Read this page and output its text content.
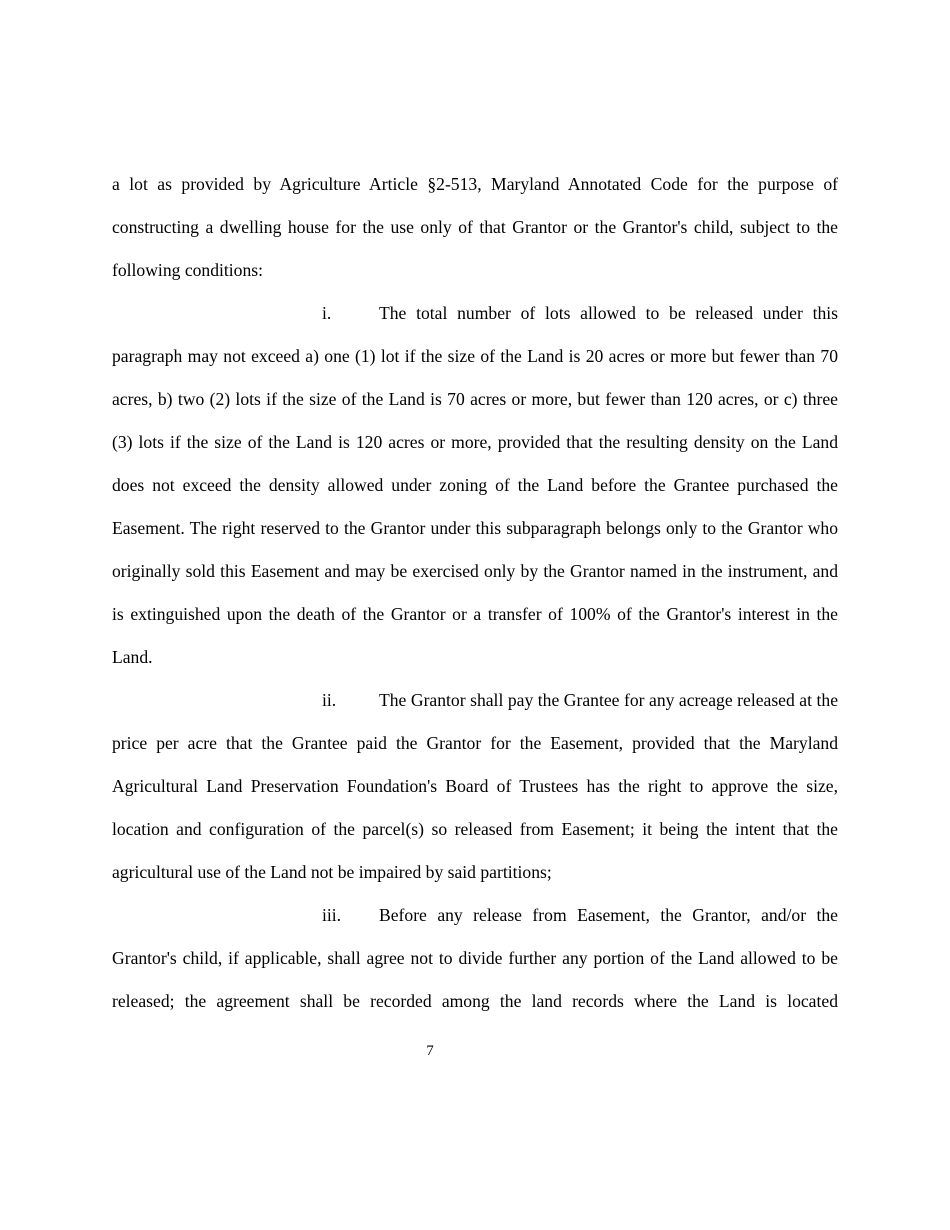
a lot as provided by Agriculture Article §2-513, Maryland Annotated Code for the purpose of constructing a dwelling house for the use only of that Grantor or the Grantor's child, subject to the following conditions:

i.	The total number of lots allowed to be released under this paragraph may not exceed a) one (1) lot if the size of the Land is 20 acres or more but fewer than 70 acres, b) two (2) lots if the size of the Land is 70 acres or more, but fewer than 120 acres, or c) three (3) lots if the size of the Land is 120 acres or more, provided that the resulting density on the Land does not exceed the density allowed under zoning of the Land before the Grantee purchased the Easement. The right reserved to the Grantor under this subparagraph belongs only to the Grantor who originally sold this Easement and may be exercised only by the Grantor named in the instrument, and is extinguished upon the death of the Grantor or a transfer of 100% of the Grantor's interest in the Land.

ii. The Grantor shall pay the Grantee for any acreage released at the price per acre that the Grantee paid the Grantor for the Easement, provided that the Maryland Agricultural Land Preservation Foundation's Board of Trustees has the right to approve the size, location and configuration of the parcel(s) so released from Easement; it being the intent that the agricultural use of the Land not be impaired by said partitions;

iii. Before any release from Easement, the Grantor, and/or the Grantor's child, if applicable, shall agree not to divide further any portion of the Land allowed to be released; the agreement shall be recorded among the land records where the Land is located

7
